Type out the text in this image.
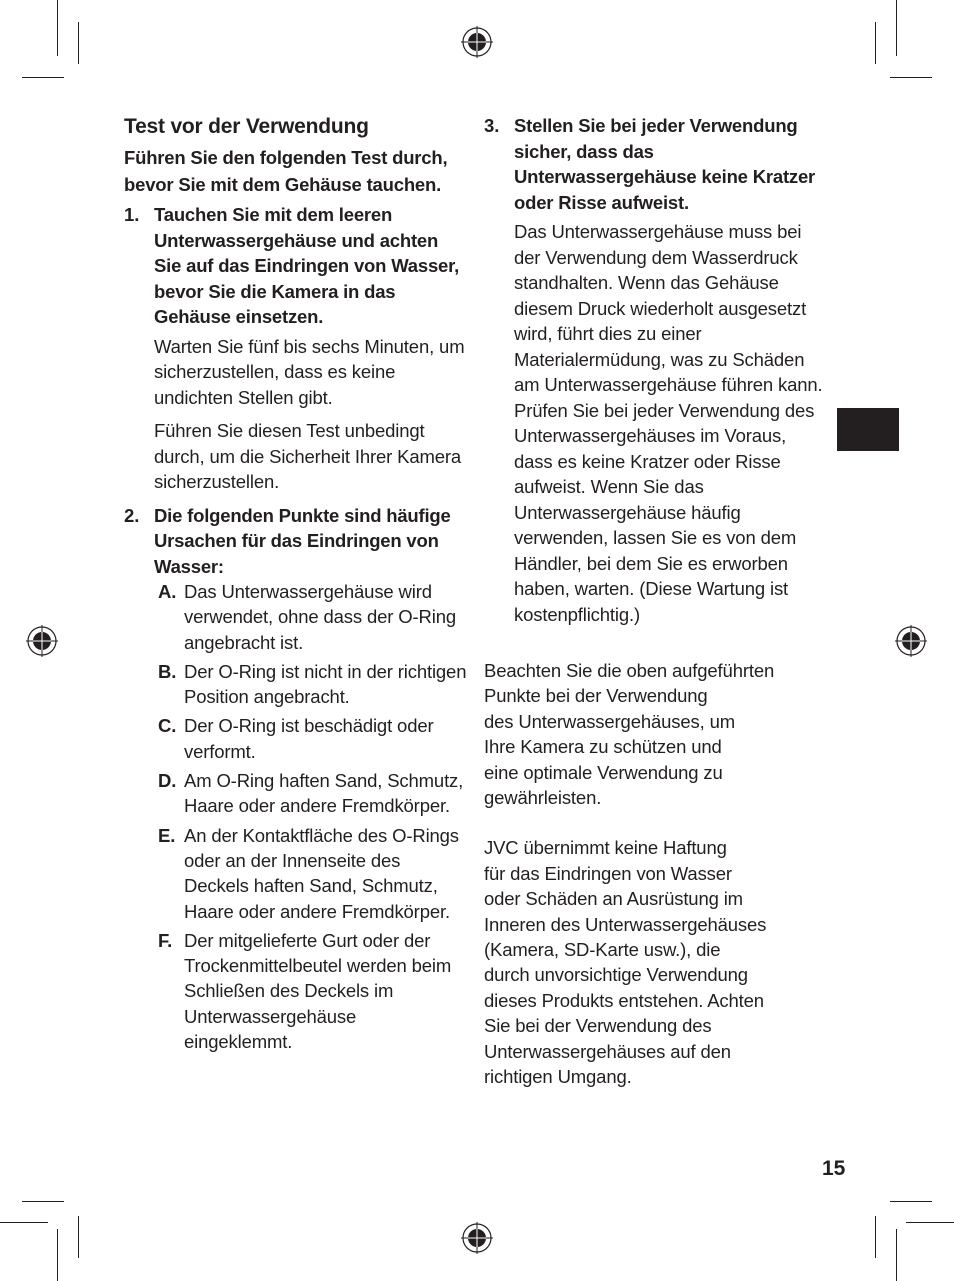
Test vor der Verwendung
Führen Sie den folgenden Test durch, bevor Sie mit dem Gehäuse tauchen.
1. Tauchen Sie mit dem leeren Unterwassergehäuse und achten Sie auf das Eindringen von Wasser, bevor Sie die Kamera in das Gehäuse einsetzen.
Warten Sie fünf bis sechs Minuten, um sicherzustellen, dass es keine undichten Stellen gibt.
Führen Sie diesen Test unbedingt durch, um die Sicherheit Ihrer Kamera sicherzustellen.
2. Die folgenden Punkte sind häufige Ursachen für das Eindringen von Wasser:
A. Das Unterwassergehäuse wird verwendet, ohne dass der O-Ring angebracht ist.
B. Der O-Ring ist nicht in der richtigen Position angebracht.
C. Der O-Ring ist beschädigt oder verformt.
D. Am O-Ring haften Sand, Schmutz, Haare oder andere Fremdkörper.
E. An der Kontaktfläche des O-Rings oder an der Innenseite des Deckels haften Sand, Schmutz, Haare oder andere Fremdkörper.
F. Der mitgelieferte Gurt oder der Trockenmittelbeutel werden beim Schließen des Deckels im Unterwassergehäuse eingeklemmt.
3. Stellen Sie bei jeder Verwendung sicher, dass das Unterwassergehäuse keine Kratzer oder Risse aufweist.
Das Unterwassergehäuse muss bei der Verwendung dem Wasserdruck standhalten. Wenn das Gehäuse diesem Druck wiederholt ausgesetzt wird, führt dies zu einer Materialermüdung, was zu Schäden am Unterwassergehäuse führen kann. Prüfen Sie bei jeder Verwendung des Unterwassergehäuses im Voraus, dass es keine Kratzer oder Risse aufweist. Wenn Sie das Unterwassergehäuse häufig verwenden, lassen Sie es von dem Händler, bei dem Sie es erworben haben, warten. (Diese Wartung ist kostenpflichtig.)
Beachten Sie die oben aufgeführten
Punkte bei der Verwendung
des Unterwassergehäuses, um
Ihre Kamera zu schützen und
eine optimale Verwendung zu
gewährleisten.
JVC übernimmt keine Haftung
für das Eindringen von Wasser
oder Schäden an Ausrüstung im
Inneren des Unterwassergehäuses
(Kamera, SD-Karte usw.), die
durch unvorsichtige Verwendung
dieses Produkts entstehen. Achten
Sie bei der Verwendung des
Unterwassergehäuses auf den
richtigen Umgang.
15
